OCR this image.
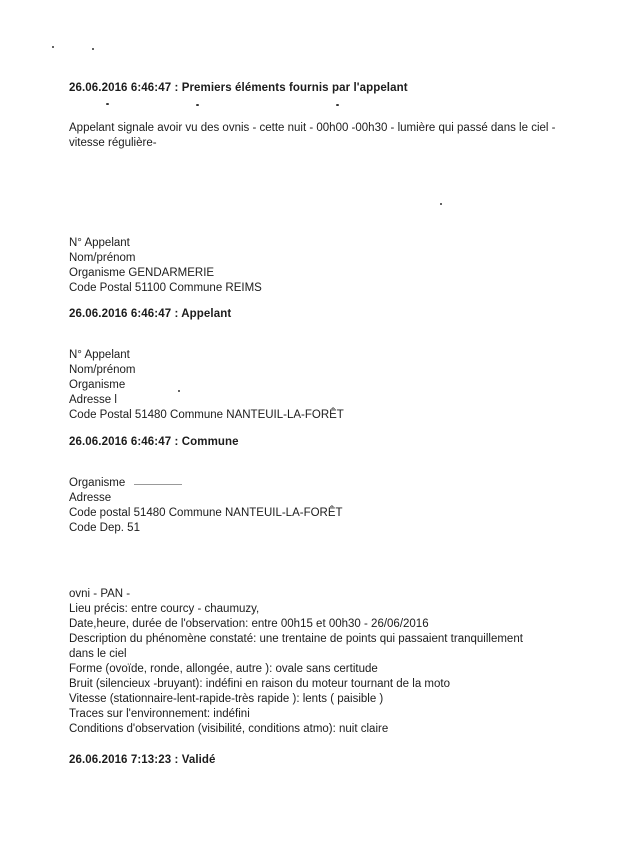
26.06.2016 6:46:47 : Premiers éléments fournis par l'appelant
Appelant signale avoir vu des ovnis - cette nuit - 00h00 -00h30 - lumière qui passé dans le ciel - vitesse régulière-
N° Appelant
Nom/prénom
Organisme GENDARMERIE
Code Postal 51100 Commune REIMS
26.06.2016 6:46:47 : Appelant
N° Appelant
Nom/prénom
Organisme
Adresse l
Code Postal 51480 Commune NANTEUIL-LA-FORÊT
26.06.2016 6:46:47 : Commune
Organisme
Adresse
Code postal 51480 Commune NANTEUIL-LA-FORÊT
Code Dep. 51
ovni - PAN -
Lieu précis: entre courcy - chaumuzy,
Date,heure, durée de l'observation: entre 00h15 et 00h30 - 26/06/2016
Description du phénomène constaté: une trentaine de points qui passaient tranquillement
dans le ciel
Forme (ovoïde, ronde, allongée, autre ): ovale sans certitude
Bruit (silencieux -bruyant): indéfini en raison du moteur tournant de la moto
Vitesse (stationnaire-lent-rapide-très rapide ): lents ( paisible )
Traces sur l'environnement: indéfini
Conditions d'observation (visibilité, conditions atmo): nuit claire
26.06.2016 7:13:23 : Validé
